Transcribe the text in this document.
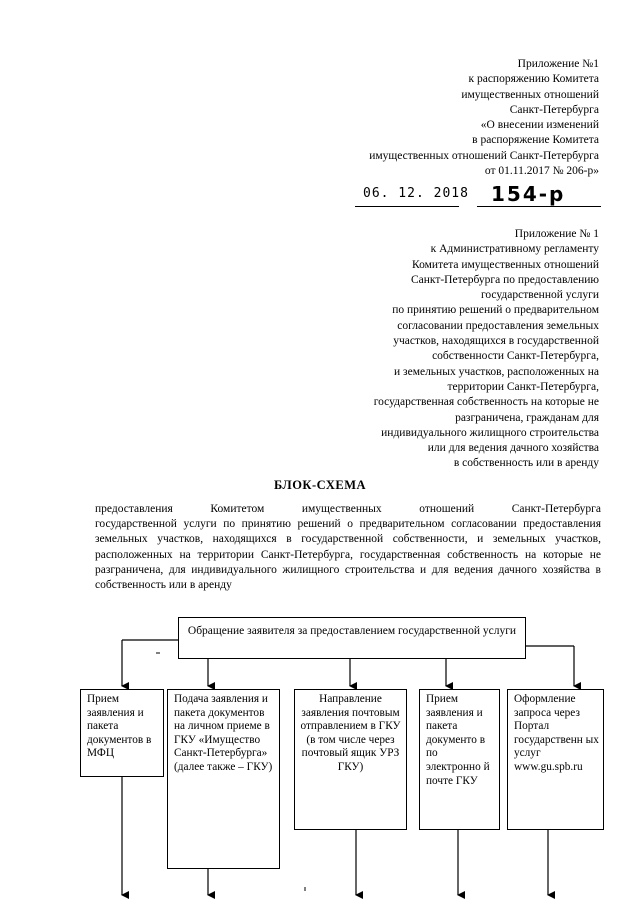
Приложение №1
к распоряжению Комитета
имущественных отношений
Санкт-Петербурга
«О внесении изменений
в распоряжение Комитета
имущественных отношений Санкт-Петербурга
от 01.11.2017 № 206-р»
06. 12. 2018 154-р
Приложение № 1
к Административному регламенту
Комитета имущественных отношений
Санкт-Петербурга по предоставлению
государственной услуги
по принятию решений о предварительном
согласовании предоставления земельных
участков, находящихся в государственной
собственности Санкт-Петербурга,
и земельных участков, расположенных на
территории Санкт-Петербурга,
государственная собственность на которые не
разграничена, гражданам для
индивидуального жилищного строительства
или для ведения дачного хозяйства
в собственность или в аренду
БЛОК-СХЕМА
предоставления Комитетом имущественных отношений Санкт-Петербурга
государственной услуги по принятию решений о предварительном согласовании предоставления земельных участков, находящихся в государственной собственности, и земельных участков, расположенных на территории Санкт-Петербурга, государственная собственность на которые не разграничена, для индивидуального жилищного строительства и для ведения дачного хозяйства в собственность или в аренду
Обращение заявителя за предоставлением государственной услуги
Прием заявления и пакета документов в МФЦ
Подача заявления и пакета документов на личном приеме в ГКУ «Имущество Санкт-Петербурга» (далее также – ГКУ)
Направление заявления почтовым отправлением в ГКУ (в том числе через почтовый ящик УРЗ ГКУ)
Прием заявления и пакета документо в по электронно й почте ГКУ
Оформление запроса через Портал государственн ых услуг www.gu.spb.ru
